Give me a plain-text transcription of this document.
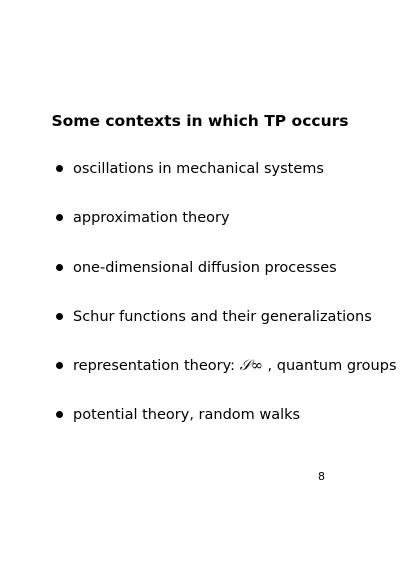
Some contexts in which TP occurs
oscillations in mechanical systems
approximation theory
one-dimensional diffusion processes
Schur functions and their generalizations
representation theory: 𝒮∞ , quantum groups
potential theory, random walks
8
